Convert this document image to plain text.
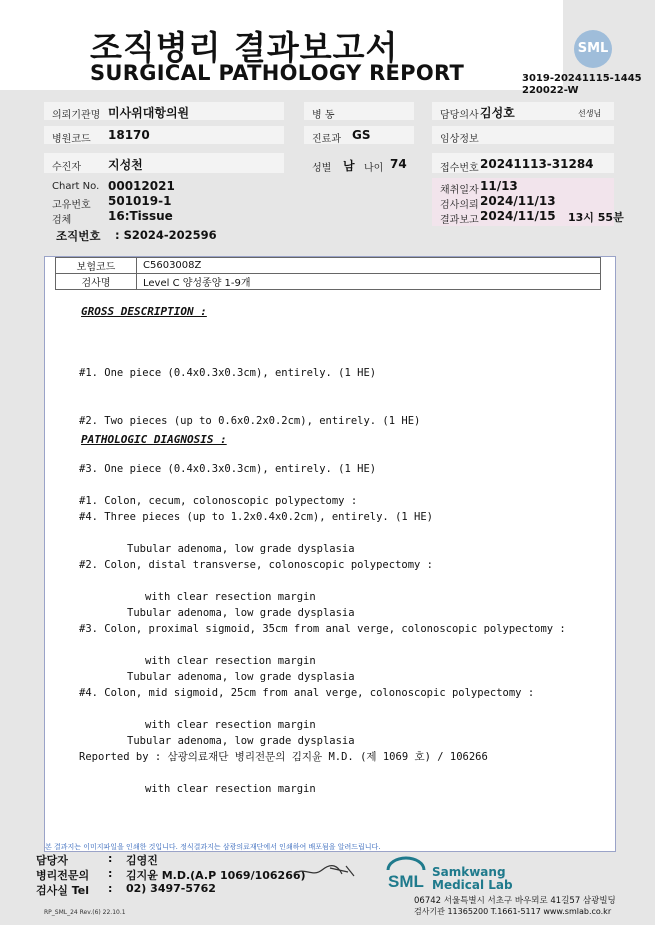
조직병리 결과보고서
SURGICAL PATHOLOGY REPORT
SML
3019-20241115-1445
220022-W
의뢰기관명 미사위대항의원	병 동	담당의사 김성호	선생님
병원코드 18170	진료과 GS	임상정보
수진자 지성천	성별 남 나이 74	접수번호 20241113-31284
Chart No. 00012021
고유번호 501019-1
검체	16:Tissue
채취일자 11/13
검사의뢰 2024/11/13
결과보고 2024/11/15 13시 55분
조직번호 : S2024-202596
보험코드	C5603008Z
검사명	Level C 양성종양 1-9개
GROSS DESCRIPTION :

#1. One piece (0.4x0.3x0.3cm), entirely. (1 HE)

#2. Two pieces (up to 0.6x0.2x0.2cm), entirely. (1 HE)

#3. One piece (0.4x0.3x0.3cm), entirely. (1 HE)

#4. Three pieces (up to 1.2x0.4x0.2cm), entirely. (1 HE)

PATHOLOGIC DIAGNOSIS :

#1. Colon, cecum, colonoscopic polypectomy :

Tubular adenoma, low grade dysplasia

with clear resection margin

#2. Colon, distal transverse, colonoscopic polypectomy :

Tubular adenoma, low grade dysplasia

with clear resection margin

#3. Colon, proximal sigmoid, 35cm from anal verge, colonoscopic polypectomy :

Tubular adenoma, low grade dysplasia

with clear resection margin

#4. Colon, mid sigmoid, 25cm from anal verge, colonoscopic polypectomy :

Tubular adenoma, low grade dysplasia

with clear resection margin

Reported by : 삼광의료재단 병리전문의 김지윤 M.D. (제 1069 호) / 106266
본 결과지는 이미지파일을 인쇄한 것입니다. 정식결과지는 삼광의료재단에서 인쇄하여 배포됨을 알려드립니다.
담당자	: 김영진
병리전문의 : 김지윤 M.D.(A.P 1069/106266)
검사실 Tel : 02) 3497-5762
RP_SML_24 Rev.(6) 22.10.1
SML Samkwang
Medical Lab
06742 서울특별시 서초구 바우뫼로 41길57 삼광빌딩
검사기관 11365200 T.1661-5117 www.smlab.co.kr
